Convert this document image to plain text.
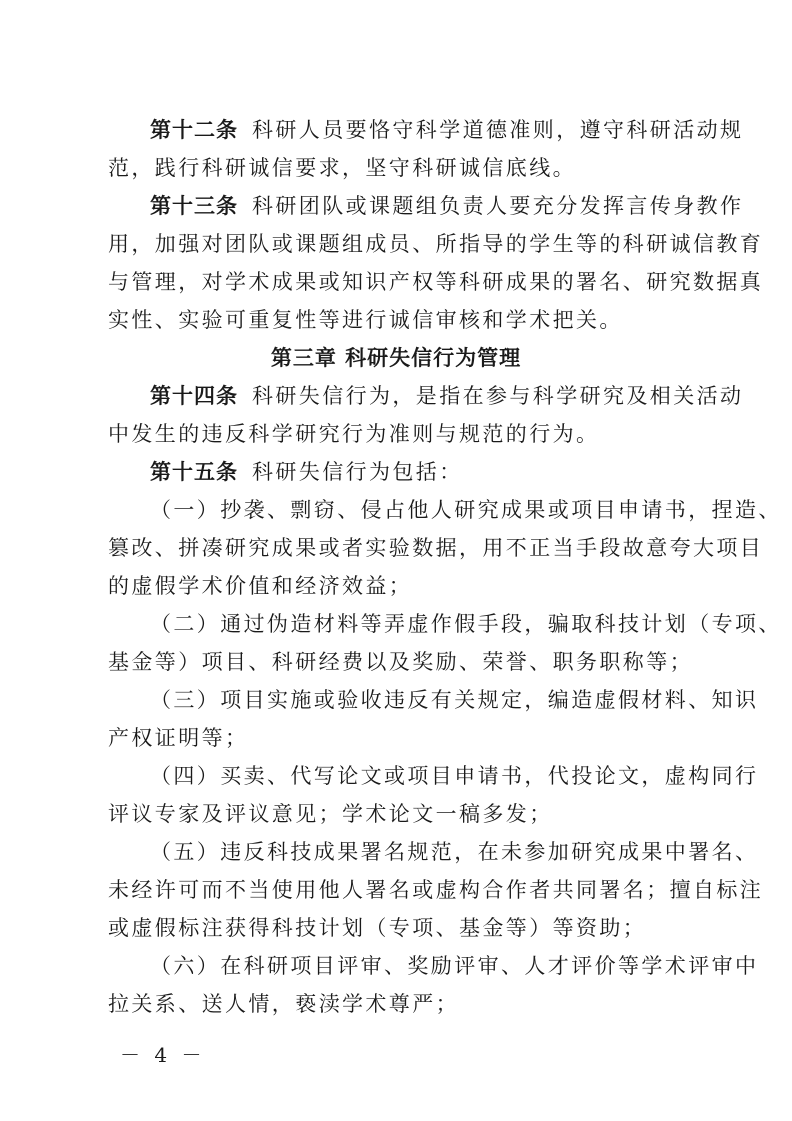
第十二条 科研人员要恪守科学道德准则，遵守科研活动规
范，践行科研诚信要求，坚守科研诚信底线。
第十三条 科研团队或课题组负责人要充分发挥言传身教作
用，加强对团队或课题组成员、所指导的学生等的科研诚信教育
与管理，对学术成果或知识产权等科研成果的署名、研究数据真
实性、实验可重复性等进行诚信审核和学术把关。
第三章 科研失信行为管理
第十四条 科研失信行为，是指在参与科学研究及相关活动
中发生的违反科学研究行为准则与规范的行为。
第十五条 科研失信行为包括：
（一）抄袭、剽窃、侵占他人研究成果或项目申请书，捏造、
篡改、拼凑研究成果或者实验数据，用不正当手段故意夸大项目
的虚假学术价值和经济效益；
（二）通过伪造材料等弄虚作假手段，骗取科技计划（专项、
基金等）项目、科研经费以及奖励、荣誉、职务职称等；
（三）项目实施或验收违反有关规定，编造虚假材料、知识
产权证明等；
（四）买卖、代写论文或项目申请书，代投论文，虚构同行
评议专家及评议意见；学术论文一稿多发；
（五）违反科技成果署名规范，在未参加研究成果中署名、
未经许可而不当使用他人署名或虚构合作者共同署名；擅自标注
或虚假标注获得科技计划（专项、基金等）等资助；
（六）在科研项目评审、奖励评审、人才评价等学术评审中
拉关系、送人情，亵渎学术尊严；
－ 4 －
